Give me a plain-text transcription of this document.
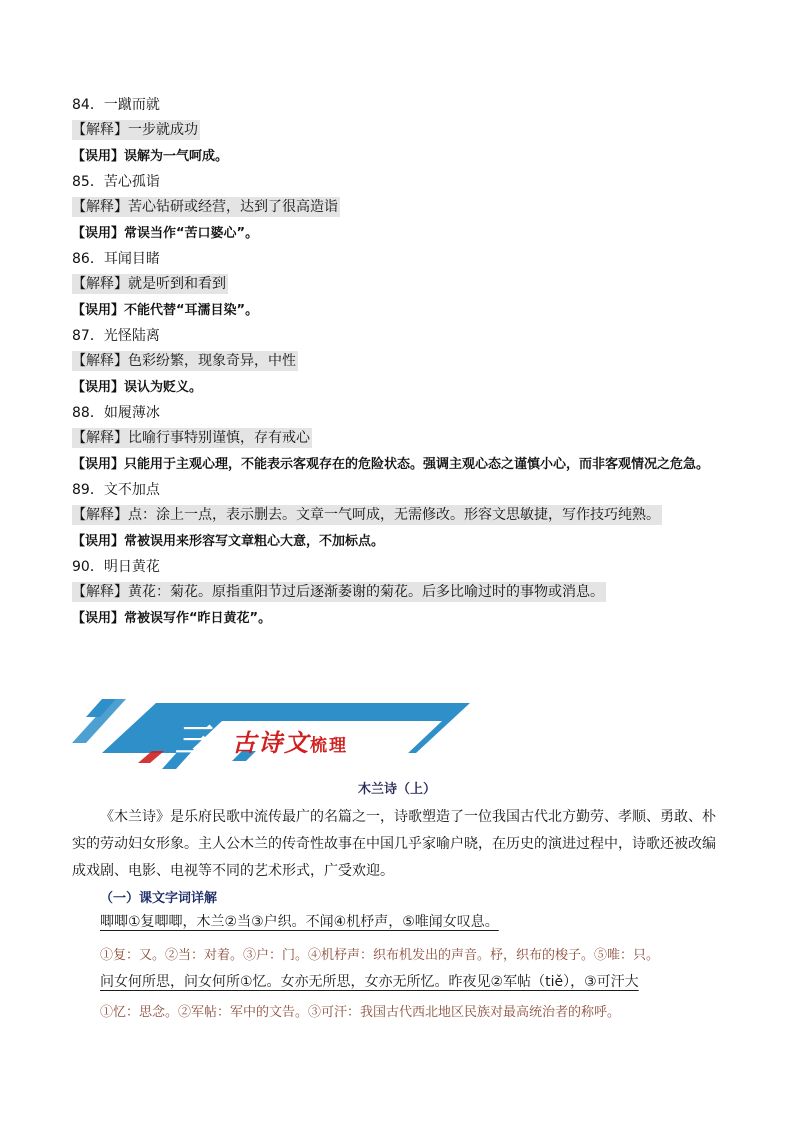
84．一蹴而就
【解释】一步就成功
【误用】误解为一气呵成。
85．苦心孤诣
【解释】苦心钻研或经营，达到了很高造诣
【误用】常误当作“苦口婆心”。
86．耳闻目睹
【解释】就是听到和看到
【误用】不能代替“耳濡目染”。
87．光怪陆离
【解释】色彩纷繁，现象奇异，中性
【误用】误认为贬义。
88．如履薄冰
【解释】比喻行事特别谨慎，存有戒心
【误用】只能用于主观心理，不能表示客观存在的危险状态。强调主观心态之谨慎小心，而非客观情况之危急。
89．文不加点
【解释】点：涂上一点，表示删去。文章一气呵成，无需修改。形容文思敏捷，写作技巧纯熟。
【误用】常被误用来形容写文章粗心大意，不加标点。
90．明日黄花
【解释】黄花：菊花。原指重阳节过后逐渐萎谢的菊花。后多比喻过时的事物或消息。
【误用】常被误写作“昨日黄花”。
三 古诗文梳理
木兰诗（上）
《木兰诗》是乐府民歌中流传最广的名篇之一，诗歌塑造了一位我国古代北方勤劳、孝顺、勇敢、朴实的劳动妇女形象。主人公木兰的传奇性故事在中国几乎家喻户晓，在历史的演进过程中，诗歌还被改编成戏剧、电影、电视等不同的艺术形式，广受欢迎。
（一）课文字词详解
唧唧①复唧唧，木兰②当③户织。不闻④机杼声，⑤唯闻女叹息。
①复：又。②当：对着。③户：门。④机杼声：织布机发出的声音。杼，织布的梭子。⑤唯：只。
问女何所思，问女何所①忆。女亦无所思，女亦无所忆。昨夜见②军帖（tiě），③可汗大
①忆：思念。②军帖：军中的文告。③可汗：我国古代西北地区民族对最高统治者的称呼。
